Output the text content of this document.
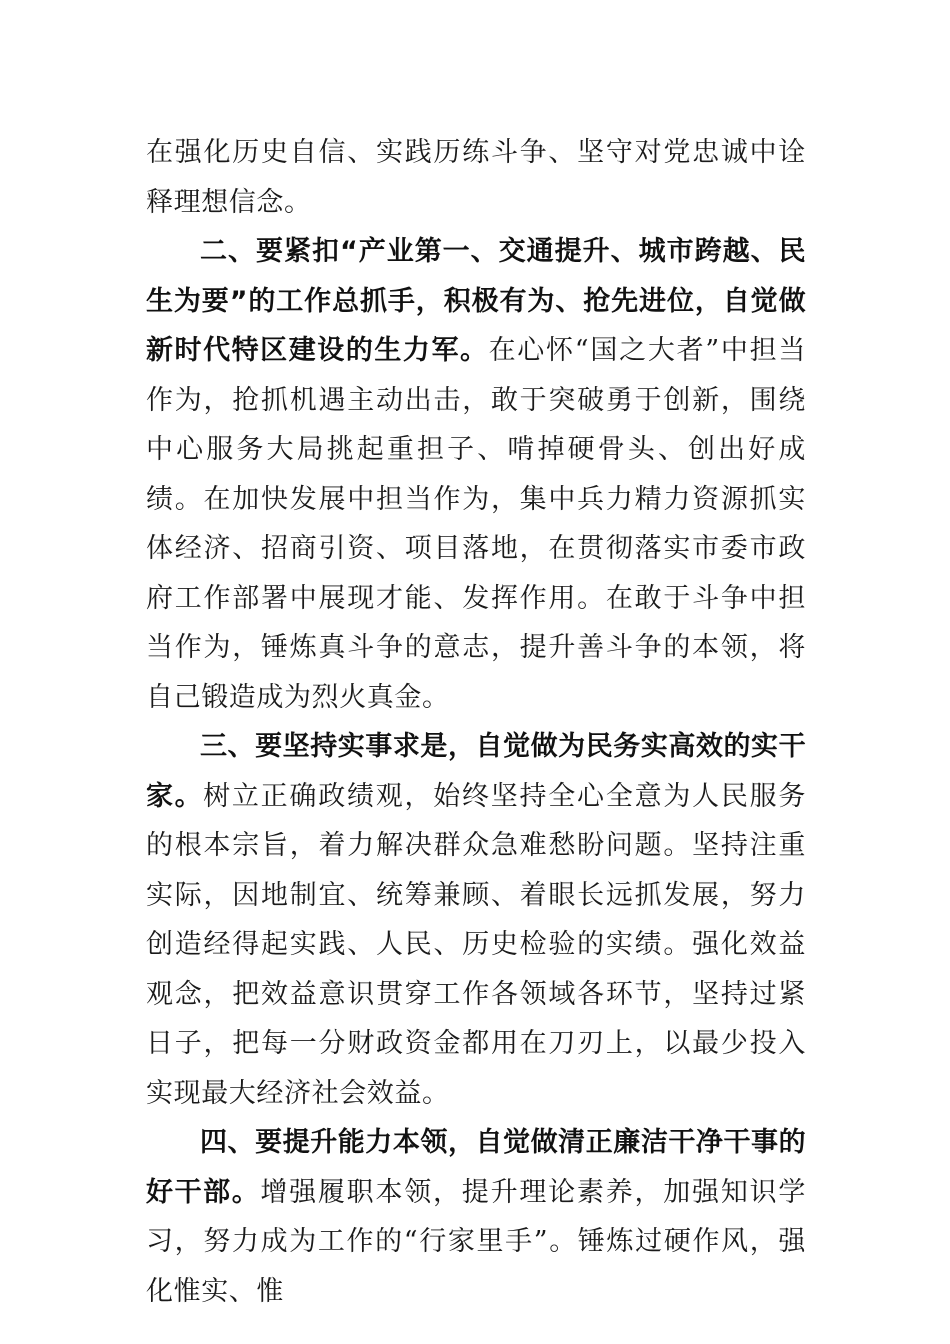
在强化历史自信、实践历练斗争、坚守对党忠诚中诠释理想信念。

二、要紧扣“产业第一、交通提升、城市跨越、民生为要”的工作总抓手，积极有为、抢先进位，自觉做新时代特区建设的生力军。在心怀“国之大者”中担当作为，抢抓机遇主动出击，敢于突破勇于创新，围绕中心服务大局挑起重担子、啃掉硬骨头、创出好成绩。在加快发展中担当作为，集中兵力精力资源抓实体经济、招商引资、项目落地，在贯彻落实市委市政府工作部署中展现才能、发挥作用。在敢于斗争中担当作为，锤炼真斗争的意志，提升善斗争的本领，将自己锻造成为烈火真金。

三、要坚持实事求是，自觉做为民务实高效的实干家。树立正确政绩观，始终坚持全心全意为人民服务的根本宗旨，着力解决群众急难愁盼问题。坚持注重实际，因地制宜、统筹兼顾、着眼长远抓发展，努力创造经得起实践、人民、历史检验的实绩。强化效益观念，把效益意识贯穿工作各领域各环节，坚持过紧日子，把每一分财政资金都用在刀刃上，以最少投入实现最大经济社会效益。

四、要提升能力本领，自觉做清正廉洁干净干事的好干部。增强履职本领，提升理论素养，加强知识学习，努力成为工作的“行家里手”。锤炼过硬作风，强化惟实、惟
